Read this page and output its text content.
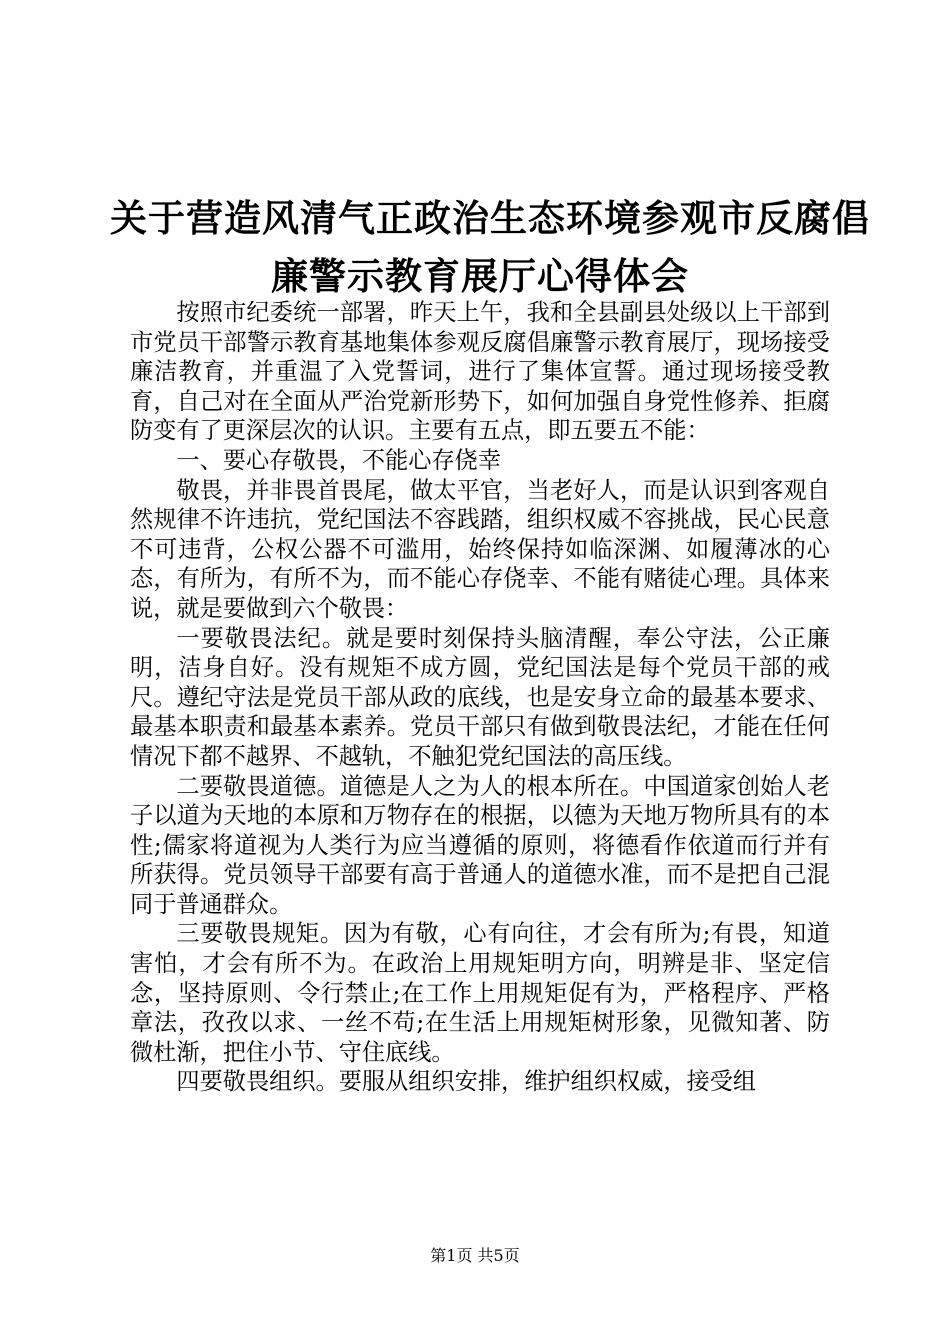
关于营造风清气正政治生态环境参观市反腐倡
廉警示教育展厅心得体会

按照市纪委统一部署，昨天上午，我和全县副县处级以上干部到市党员干部警示教育基地集体参观反腐倡廉警示教育展厅，现场接受廉洁教育，并重温了入党誓词，进行了集体宣誓。通过现场接受教育，自己对在全面从严治党新形势下，如何加强自身党性修养、拒腐防变有了更深层次的认识。主要有五点，即五要五不能：

一、要心存敬畏，不能心存侥幸

敬畏，并非畏首畏尾，做太平官，当老好人，而是认识到客观自然规律不许违抗，党纪国法不容践踏，组织权威不容挑战，民心民意不可违背，公权公器不可滥用，始终保持如临深渊、如履薄冰的心态，有所为，有所不为，而不能心存侥幸、不能有赌徒心理。具体来说，就是要做到六个敬畏：

一要敬畏法纪。就是要时刻保持头脑清醒，奉公守法，公正廉明，洁身自好。没有规矩不成方圆，党纪国法是每个党员干部的戒尺。遵纪守法是党员干部从政的底线，也是安身立命的最基本要求、最基本职责和最基本素养。党员干部只有做到敬畏法纪，才能在任何情况下都不越界、不越轨，不触犯党纪国法的高压线。

二要敬畏道德。道德是人之为人的根本所在。中国道家创始人老子以道为天地的本原和万物存在的根据，以德为天地万物所具有的本性;儒家将道视为人类行为应当遵循的原则，将德看作依道而行并有所获得。党员领导干部要有高于普通人的道德水准，而不是把自己混同于普通群众。

三要敬畏规矩。因为有敬，心有向往，才会有所为;有畏，知道害怕，才会有所不为。在政治上用规矩明方向，明辨是非、坚定信念，坚持原则、令行禁止;在工作上用规矩促有为，严格程序、严格章法，孜孜以求、一丝不苟;在生活上用规矩树形象，见微知著、防微杜渐，把住小节、守住底线。

四要敬畏组织。要服从组织安排，维护组织权威，接受组

第1页 共5页
